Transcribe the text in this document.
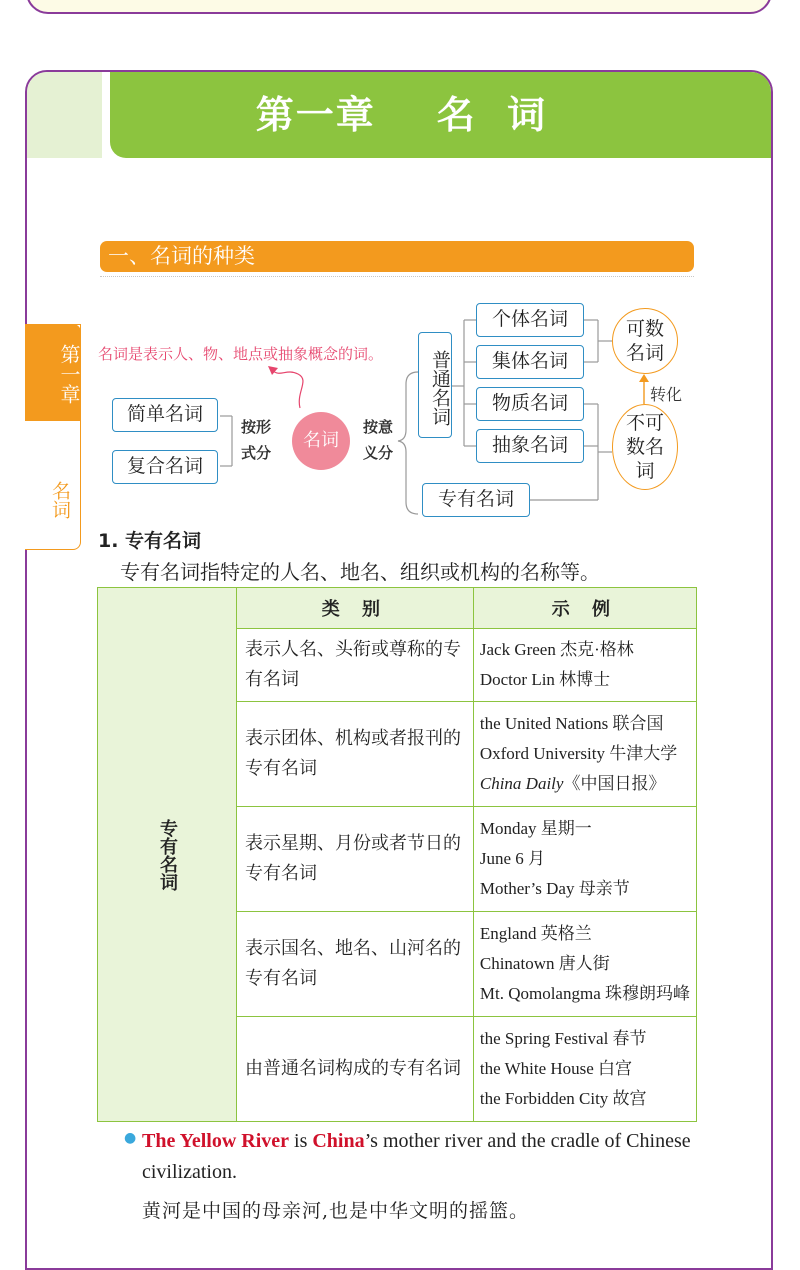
第一章    名  词
第一章
名词
一、名词的种类
名词是表示人、物、地点或抽象概念的词。
简单名词
复合名词
按形式分
名词
按意义分
普通名词
个体名词
集体名词
物质名词
抽象名词
专有名词
可数名词
不可数名词
转化
1. 专有名词
专有名词指特定的人名、地名、组织或机构的名称等。
专有名词	类 别	示 例
	表示人名、头衔或尊称的专有名词	Jack Green 杰克·格林
Doctor Lin 林博士

	表示团体、机构或者报刊的专有名词	the United Nations 联合国
Oxford University 牛津大学
China Daily《中国日报》

	表示星期、月份或者节日的专有名词	Monday 星期一
June 6 月
Mother’s Day 母亲节

	表示国名、地名、山河名的专有名词	England 英格兰
Chinatown 唐人街
Mt. Qomolangma 珠穆朗玛峰

	由普通名词构成的专有名词	the Spring Festival 春节
the White House 白宫
the Forbidden City 故宫
● The Yellow River is China’s mother river and the cradle of Chinese civilization.
黄河是中国的母亲河,也是中华文明的摇篮。
